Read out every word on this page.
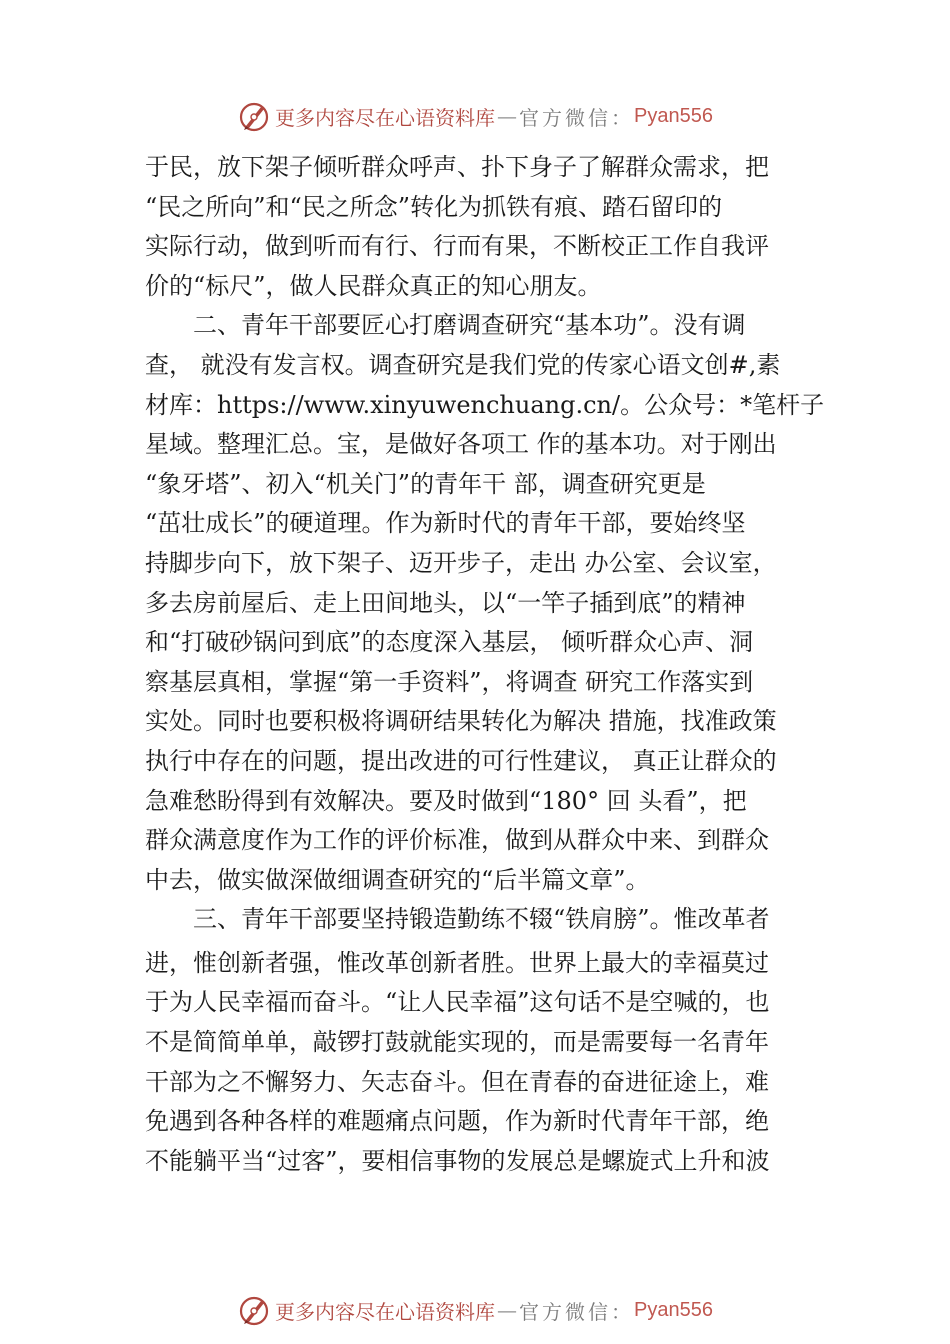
更多内容尽在心语资料库 — 官方微信： Pyan556
于民，放下架子倾听群众呼声、扑下身子了解群众需求，把
“民之所向”和“民之所念”转化为抓铁有痕、踏石留印的
实际行动，做到听而有行、行而有果，不断校正工作自我评
价的“标尺”，做人民群众真正的知心朋友。
二、青年干部要匠心打磨调查研究“基本功”。没有调
查， 就没有发言权。调查研究是我们党的传家心语文创#,素
材库：https://www.xinyuwenchuang.cn/。公众号：*笔杆子
星域。整理汇总。宝，是做好各项工 作的基本功。对于刚出
“象牙塔”、初入“机关门”的青年干 部，调查研究更是
“茁壮成长”的硬道理。作为新时代的青年干部，要始终坚
持脚步向下，放下架子、迈开步子，走出 办公室、会议室，
多去房前屋后、走上田间地头，以“一竿子插到底”的精神
和“打破砂锅问到底”的态度深入基层， 倾听群众心声、洞
察基层真相，掌握“第一手资料”，将调查 研究工作落实到
实处。同时也要积极将调研结果转化为解决 措施，找准政策
执行中存在的问题，提出改进的可行性建议， 真正让群众的
急难愁盼得到有效解决。要及时做到“180° 回 头看”，把
群众满意度作为工作的评价标准，做到从群众中来、到群众
中去，做实做深做细调查研究的“后半篇文章”。
三、青年干部要坚持锻造勤练不辍“铁肩膀”。惟改革者
进，惟创新者强，惟改革创新者胜。世界上最大的幸福莫过
于为人民幸福而奋斗。“让人民幸福”这句话不是空喊的，也
不是简简单单，敲锣打鼓就能实现的，而是需要每一名青年
干部为之不懈努力、矢志奋斗。但在青春的奋进征途上，难
免遇到各种各样的难题痛点问题，作为新时代青年干部，绝
不能躺平当“过客”，要相信事物的发展总是螺旋式上升和波
更多内容尽在心语资料库 — 官方微信： Pyan556
